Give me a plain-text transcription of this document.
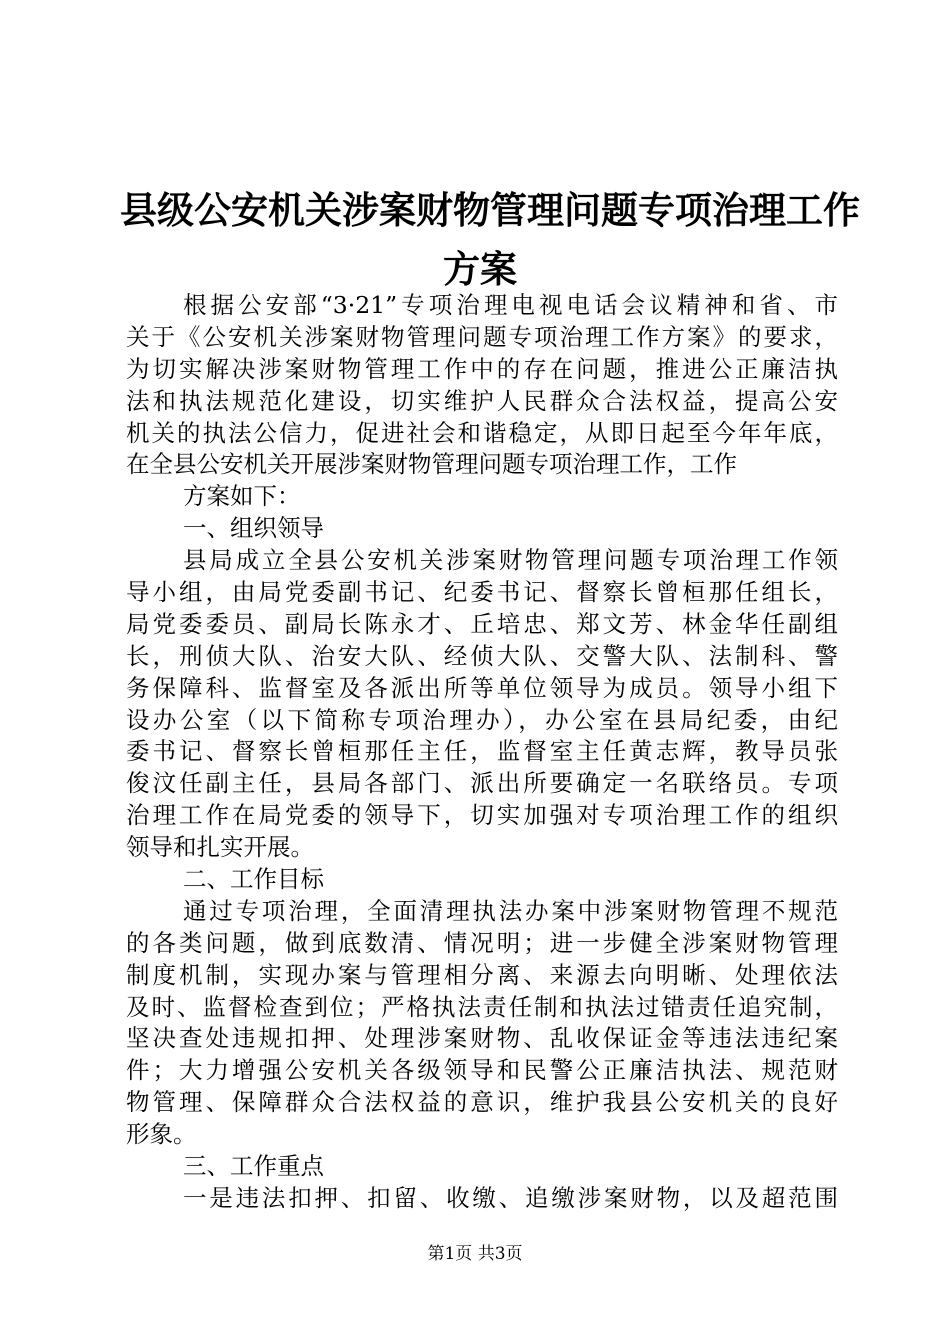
县级公安机关涉案财物管理问题专项治理工作
方案
根据公安部“3·21”专项治理电视电话会议精神和省、市
关于《公安机关涉案财物管理问题专项治理工作方案》的要求，
为切实解决涉案财物管理工作中的存在问题，推进公正廉洁执
法和执法规范化建设，切实维护人民群众合法权益，提高公安
机关的执法公信力，促进社会和谐稳定，从即日起至今年年底，
在全县公安机关开展涉案财物管理问题专项治理工作，工作
方案如下：
一、组织领导
县局成立全县公安机关涉案财物管理问题专项治理工作领
导小组，由局党委副书记、纪委书记、督察长曾桓那任组长，
局党委委员、副局长陈永才、丘培忠、郑文芳、林金华任副组
长，刑侦大队、治安大队、经侦大队、交警大队、法制科、警
务保障科、监督室及各派出所等单位领导为成员。领导小组下
设办公室（以下简称专项治理办），办公室在县局纪委，由纪
委书记、督察长曾桓那任主任，监督室主任黄志辉，教导员张
俊汶任副主任，县局各部门、派出所要确定一名联络员。专项
治理工作在局党委的领导下，切实加强对专项治理工作的组织
领导和扎实开展。
二、工作目标
通过专项治理，全面清理执法办案中涉案财物管理不规范
的各类问题，做到底数清、情况明；进一步健全涉案财物管理
制度机制，实现办案与管理相分离、来源去向明晰、处理依法
及时、监督检查到位；严格执法责任制和执法过错责任追究制，
坚决查处违规扣押、处理涉案财物、乱收保证金等违法违纪案
件；大力增强公安机关各级领导和民警公正廉洁执法、规范财
物管理、保障群众合法权益的意识，维护我县公安机关的良好
形象。
三、工作重点
一是违法扣押、扣留、收缴、追缴涉案财物，以及超范围
第1页 共3页
